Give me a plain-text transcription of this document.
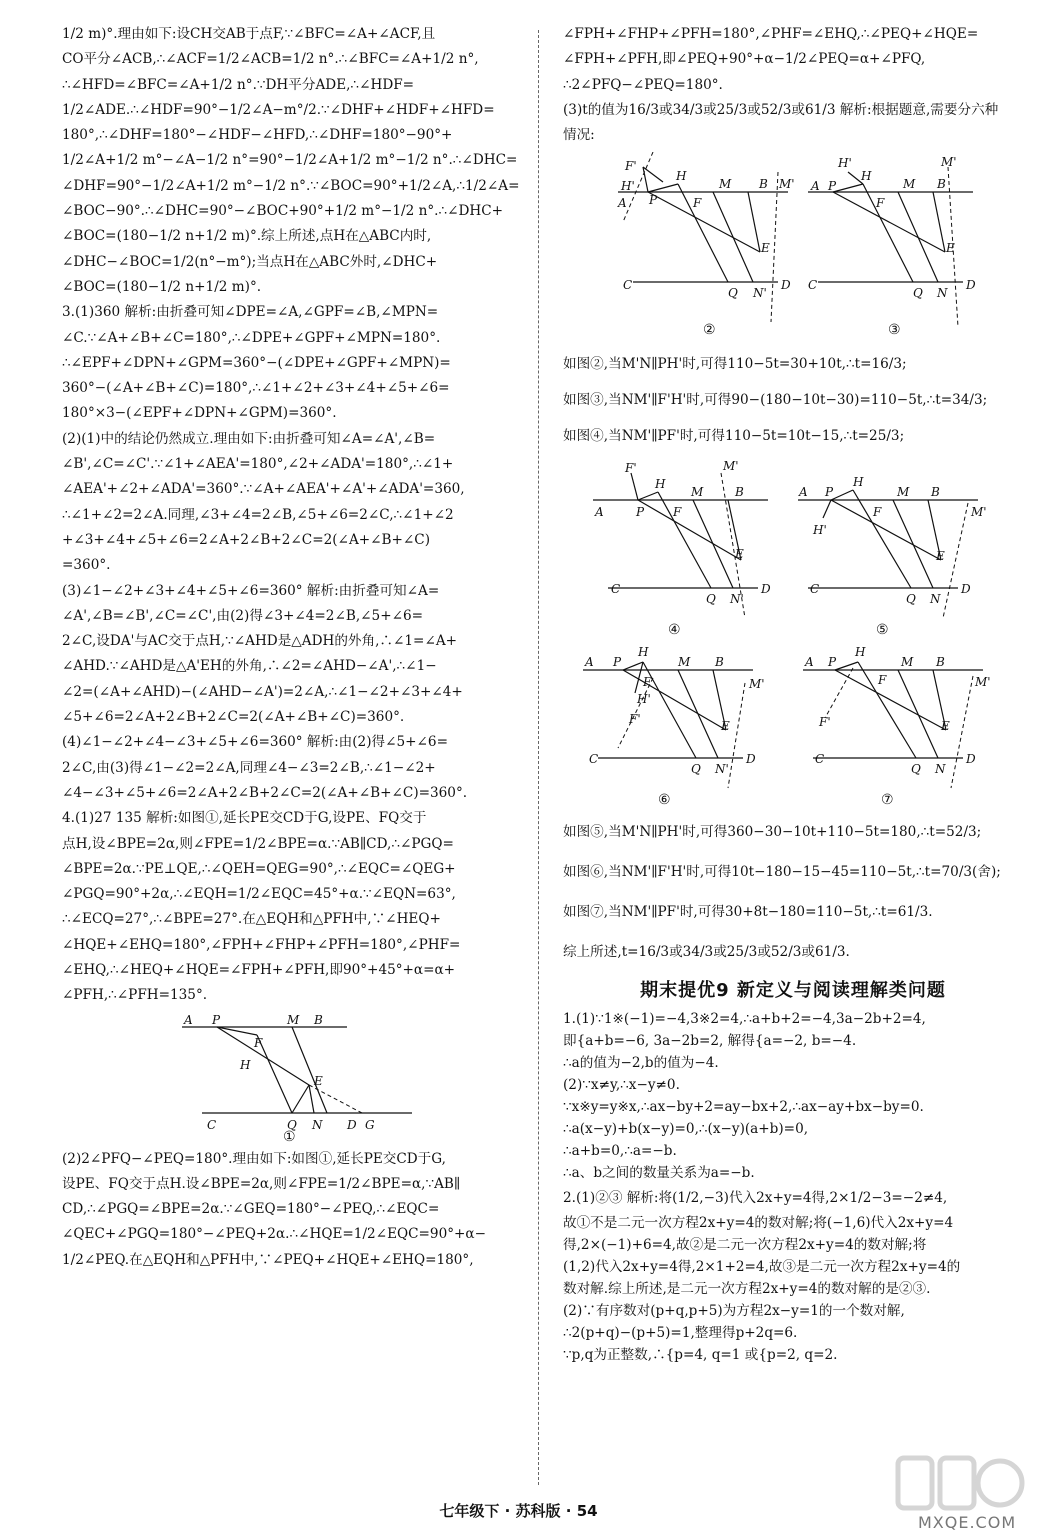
1/2 m)°.理由如下:设CH交AB于点F,∵∠BFC=∠A+∠ACF,且
CO平分∠ACB,∴∠ACF=1/2∠ACB=1/2 n°.∴∠BFC=∠A+1/2 n°,
∴∠HFD=∠BFC=∠A+1/2 n°.∵DH平分ADE,∴∠HDF=
1/2∠ADE.∴∠HDF=90°−1/2∠A−m°/2.∵∠DHF+∠HDF+∠HFD=
180°,∴∠DHF=180°−∠HDF−∠HFD,∴∠DHF=180°−90°+
1/2∠A+1/2 m°−∠A−1/2 n°=90°−1/2∠A+1/2 m°−1/2 n°.∴∠DHC=
∠DHF=90°−1/2∠A+1/2 m°−1/2 n°.∵∠BOC=90°+1/2∠A,∴1/2∠A=
∠BOC−90°.∴∠DHC=90°−∠BOC+90°+1/2 m°−1/2 n°.∴∠DHC+
∠BOC=(180−1/2 n+1/2 m)°.综上所述,点H在△ABC内时,
∠DHC−∠BOC=1/2(n°−m°);当点H在△ABC外时,∠DHC+
∠BOC=(180−1/2 n+1/2 m)°.
3.(1)360 解析:由折叠可知∠DPE=∠A,∠GPF=∠B,∠MPN=
∠C.∵∠A+∠B+∠C=180°,∴∠DPE+∠GPF+∠MPN=180°.
∴∠EPF+∠DPN+∠GPM=360°−(∠DPE+∠GPF+∠MPN)=
360°−(∠A+∠B+∠C)=180°,∴∠1+∠2+∠3+∠4+∠5+∠6=
180°×3−(∠EPF+∠DPN+∠GPM)=360°.
(2)(1)中的结论仍然成立.理由如下:由折叠可知∠A=∠A',∠B=
∠B',∠C=∠C'.∵∠1+∠AEA'=180°,∠2+∠ADA'=180°,∴∠1+
∠AEA'+∠2+∠ADA'=360°.∵∠A+∠AEA'+∠A'+∠ADA'=360,
∴∠1+∠2=2∠A.同理,∠3+∠4=2∠B,∠5+∠6=2∠C,∴∠1+∠2
+∠3+∠4+∠5+∠6=2∠A+2∠B+2∠C=2(∠A+∠B+∠C)
=360°.
(3)∠1−∠2+∠3+∠4+∠5+∠6=360° 解析:由折叠可知∠A=
∠A',∠B=∠B',∠C=∠C',由(2)得∠3+∠4=2∠B,∠5+∠6=
2∠C,设DA'与AC交于点H,∵∠AHD是△ADH的外角,∴∠1=∠A+
∠AHD.∵∠AHD是△A'EH的外角,∴∠2=∠AHD−∠A',∴∠1−
∠2=(∠A+∠AHD)−(∠AHD−∠A')=2∠A,∴∠1−∠2+∠3+∠4+
∠5+∠6=2∠A+2∠B+2∠C=2(∠A+∠B+∠C)=360°.
(4)∠1−∠2+∠4−∠3+∠5+∠6=360° 解析:由(2)得∠5+∠6=
2∠C,由(3)得∠1−∠2=2∠A,同理∠4−∠3=2∠B,∴∠1−∠2+
∠4−∠3+∠5+∠6=2∠A+2∠B+2∠C=2(∠A+∠B+∠C)=360°.
4.(1)27 135 解析:如图①,延长PE交CD于G,设PE、FQ交于
点H,设∠BPE=2α,则∠FPE=1/2∠BPE=α.∵AB∥CD,∴∠PGQ=
∠BPE=2α.∵PE⊥QE,∴∠QEH=QEG=90°,∴∠EQC=∠QEG+
∠PGQ=90°+2α,∴∠EQH=1/2∠EQC=45°+α.∵∠EQN=63°,
∴∠ECQ=27°,∴∠BPE=27°.在△EQH和△PFH中,∵∠HEQ+
∠HQE+∠EHQ=180°,∠FPH+∠FHP+∠PFH=180°,∠PHF=
∠EHQ,∴∠HEQ+∠HQE=∠FPH+∠PFH,即90°+45°+α=α+
∠PFH,∴∠PFH=135°.
A P	M B
F
H
E
C	Q N D G
①
(2)2∠PFQ−∠PEQ=180°.理由如下:如图①,延长PE交CD于G,
设PE、FQ交于点H.设∠BPE=2α,则∠FPE=1/2∠BPE=α,∵AB∥
CD,∴∠PGQ=∠BPE=2α.∵∠GEQ=180°−∠PEQ,∴∠EQC=
∠QEC+∠PGQ=180°−∠PEQ+2α.∴∠HQE=1/2∠EQC=90°+α−
1/2∠PEQ.在△EQH和△PFH中,∵∠PEQ+∠HQE+∠EHQ=180°,
∠FPH+∠FHP+∠PFH=180°,∠PHF=∠EHQ,∴∠PEQ+∠HQE=
∠FPH+∠PFH,即∠PEQ+90°+α−1/2∠PEQ=α+∠PFQ,
∴2∠PFQ−∠PEQ=180°.
(3)t的值为16/3或34/3或25/3或52/3或61/3 解析:根据题意,需要分六种
情况:
F'
H'
A P
H
F
M B M'
E
C
Q N'
D
②
H'
A P
H
F
M B
M'
E
C
Q N
D
③
如图②,当M'N∥PH'时,可得110−5t=30+10t,∴t=16/3;
如图③,当NM'∥F'H'时,可得90−(180−10t−30)=110−5t,∴t=34/3;
如图④,当NM'∥PF'时,可得110−5t=10t−15,∴t=25/3;
F'
H
A	P F
M	B
M'
E
C
Q N'
D
④
A P
H
M B
M'
H'
F
E
C
Q N
D
⑤
A P
H
M B
M'
F
H'
F'	E
C
Q N'
D
⑥
A P
H
M B
M'
F
F'	E
C
Q N
D
⑦
如图⑤,当M'N∥PH'时,可得360−30−10t+110−5t=180,∴t=52/3;
如图⑥,当NM'∥F'H'时,可得10t−180−15−45=110−5t,∴t=70/3(舍);
如图⑦,当NM'∥PF'时,可得30+8t−180=110−5t,∴t=61/3.
综上所述,t=16/3或34/3或25/3或52/3或61/3.
期末提优9 新定义与阅读理解类问题
1.(1)∵1※(−1)=−4,3※2=4,∴a+b+2=−4,3a−2b+2=4,
即{a+b=−6, 3a−2b=2, 解得{a=−2, b=−4.
∴a的值为−2,b的值为−4.
(2)∵x≠y,∴x−y≠0.
∵x※y=y※x,∴ax−by+2=ay−bx+2,∴ax−ay+bx−by=0.
∴a(x−y)+b(x−y)=0,∴(x−y)(a+b)=0,
∴a+b=0,∴a=−b.
∴a、b之间的数量关系为a=−b.
2.(1)②③ 解析:将(1/2,−3)代入2x+y=4得,2×1/2−3=−2≠4,
故①不是二元一次方程2x+y=4的数对解;将(−1,6)代入2x+y=4
得,2×(−1)+6=4,故②是二元一次方程2x+y=4的数对解;将
(1,2)代入2x+y=4得,2×1+2=4,故③是二元一次方程2x+y=4的
数对解.综上所述,是二元一次方程2x+y=4的数对解的是②③.
(2)∵有序数对(p+q,p+5)为方程2x−y=1的一个数对解,
∴2(p+q)−(p+5)=1,整理得p+2q=6.
∵p,q为正整数,∴{p=4, q=1 或{p=2, q=2.
七年级下 · 苏科版 · 54
MXQE.COM
